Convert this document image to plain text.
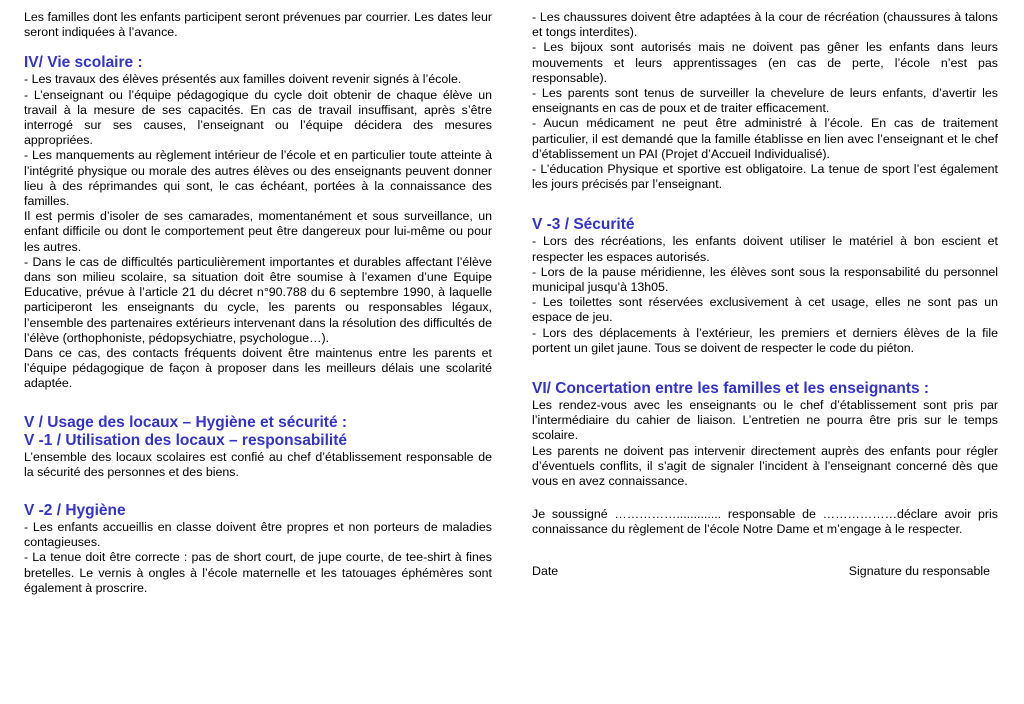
Les familles dont les enfants participent seront prévenues par courrier. Les dates leur seront indiquées à l’avance.

IV/ Vie scolaire :

- Les travaux des élèves présentés aux familles doivent revenir signés à l’école.

- L’enseignant ou l’équipe pédagogique du cycle doit obtenir de chaque élève un travail à la mesure de ses capacités. En cas de travail insuffisant, après s’être interrogé sur ses causes, l’enseignant ou l’équipe décidera des mesures appropriées.

- Les manquements au règlement intérieur de l’école et en particulier toute atteinte à l’intégrité physique ou morale des autres élèves ou des enseignants peuvent donner lieu à des réprimandes qui sont, le cas échéant, portées à la connaissance des familles.

Il est permis d’isoler de ses camarades, momentanément et sous surveillance, un enfant difficile ou dont le comportement peut être dangereux pour lui-même ou pour les autres.

- Dans le cas de difficultés particulièrement importantes et durables affectant l’élève dans son milieu scolaire, sa situation doit être soumise à l’examen d’une Equipe Educative, prévue à l’article 21 du décret n°90.788 du 6 septembre 1990, à laquelle participeront les enseignants du cycle, les parents ou responsables légaux, l’ensemble des partenaires extérieurs intervenant dans la résolution des difficultés de l’élève (orthophoniste, pédopsychiatre, psychologue…).

Dans ce cas, des contacts fréquents doivent être maintenus entre les parents et l’équipe pédagogique de façon à proposer dans les meilleurs délais une scolarité adaptée.

V / Usage des locaux – Hygiène et sécurité :
V -1 / Utilisation des locaux – responsabilité

L’ensemble des locaux scolaires est confié au chef d’établissement responsable de la sécurité des personnes et des biens.

V -2 / Hygiène

- Les enfants accueillis en classe doivent être propres et non porteurs de maladies contagieuses.

- La tenue doit être correcte : pas de short court, de jupe courte, de tee-shirt à fines bretelles. Le vernis à ongles à l’école maternelle et les tatouages éphémères sont également à proscrire.

- Les chaussures doivent être adaptées à la cour de récréation (chaussures à talons et tongs interdites).

- Les bijoux sont autorisés mais ne doivent pas gêner les enfants dans leurs mouvements et leurs apprentissages (en cas de perte, l’école n’est pas responsable).

- Les parents sont tenus de surveiller la chevelure de leurs enfants, d’avertir les enseignants en cas de poux et de traiter efficacement.

- Aucun médicament ne peut être administré à l’école. En cas de traitement particulier, il est demandé que la famille établisse en lien avec l’enseignant et le chef d’établissement un PAI (Projet d’Accueil Individualisé).

- L’éducation Physique et sportive est obligatoire. La tenue de sport l’est également les jours précisés par l’enseignant.

V -3 / Sécurité

- Lors des récréations, les enfants doivent utiliser le matériel à bon escient et respecter les espaces autorisés.

- Lors de la pause méridienne, les élèves sont sous la responsabilité du personnel municipal jusqu’à 13h05.

- Les toilettes sont réservées exclusivement à cet usage, elles ne sont pas un espace de jeu.

- Lors des déplacements à l’extérieur, les premiers et derniers élèves de la file portent un gilet jaune. Tous se doivent de respecter le code du piéton.

VI/ Concertation entre les familles et les enseignants :

Les rendez-vous avec les enseignants ou le chef d’établissement sont pris par l’intermédiaire du cahier de liaison. L’entretien ne pourra être pris sur le temps scolaire.

Les parents ne doivent pas intervenir directement auprès des enfants pour régler d’éventuels conflits, il s’agit de signaler l’incident à l’enseignant concerné dès que vous en avez connaissance.

Je soussigné ……………............. responsable de ………………déclare avoir pris connaissance du règlement de l’école Notre Dame et m’engage à le respecter.

Date	Signature du responsable
